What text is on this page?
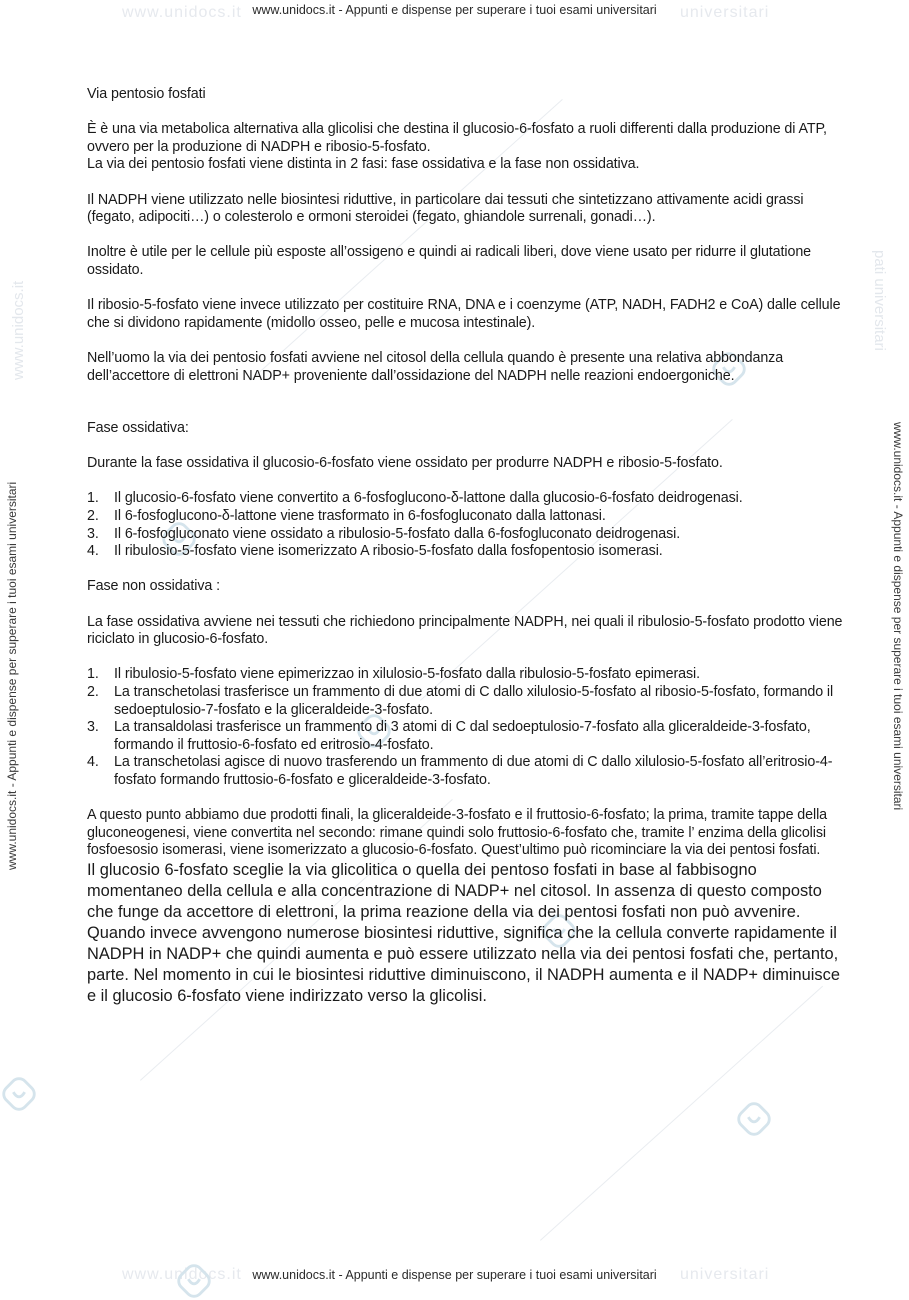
www.unidocs.it	universitari
www.unidocs.it	universitari
www.unidocs.it	pati universitari
www.unidocs.it - Appunti e dispense per superare i tuoi esami universitari
www.unidocs.it - Appunti e dispense per superare i tuoi esami universitari
www.unidocs.it - Appunti e dispense per superare i tuoi esami universitari	www.unidocs.it - Appunti e dispense per superare i tuoi esami universitari

Via pentosio fosfati

È è una via metabolica alternativa alla glicolisi che destina il glucosio-6-fosfato a ruoli differenti dalla produzione di ATP, ovvero per la produzione di NADPH e ribosio-5-fosfato.

La via dei pentosio fosfati viene distinta in 2 fasi: fase ossidativa e la fase non ossidativa.

Il NADPH viene utilizzato nelle biosintesi riduttive, in particolare dai tessuti che sintetizzano attivamente acidi grassi (fegato, adipociti…) o colesterolo e ormoni steroidei (fegato, ghiandole surrenali, gonadi…).

Inoltre è utile per le cellule più esposte all’ossigeno e quindi ai radicali liberi, dove viene usato per ridurre il glutatione ossidato.

Il ribosio-5-fosfato viene invece utilizzato per costituire RNA, DNA e i coenzyme (ATP, NADH, FADH2 e CoA) dalle cellule che si dividono rapidamente (midollo osseo, pelle e mucosa intestinale).

Nell’uomo la via dei pentosio fosfati avviene nel citosol della cellula quando è presente una relativa abbondanza dell’accettore di elettroni NADP+ proveniente dall’ossidazione del NADPH nelle reazioni endoergoniche.

Fase ossidativa:

Durante la fase ossidativa il glucosio-6-fosfato viene ossidato per produrre NADPH e ribosio-5-fosfato.

1. Il glucosio-6-fosfato viene convertito a 6-fosfoglucono-δ-lattone dalla glucosio-6-fosfato deidrogenasi.
2. Il 6-fosfoglucono-δ-lattone viene trasformato in 6-fosfogluconato dalla lattonasi.
3. Il 6-fosfogluconato viene ossidato a ribulosio-5-fosfato dalla 6-fosfogluconato deidrogenasi.
4. Il ribulosio-5-fosfato viene isomerizzato A ribosio-5-fosfato dalla fosfopentosio isomerasi.

Fase non ossidativa :

La fase ossidativa avviene nei tessuti che richiedono principalmente NADPH, nei quali il ribulosio-5-fosfato prodotto viene riciclato in glucosio-6-fosfato.

1. Il ribulosio-5-fosfato viene epimerizzao in xilulosio-5-fosfato dalla ribulosio-5-fosfato epimerasi.
2. La transchetolasi trasferisce un frammento di due atomi di C dallo xilulosio-5-fosfato al ribosio-5-fosfato, formando il sedoeptulosio-7-fosfato e la gliceraldeide-3-fosfato.
3. La transaldolasi trasferisce un frammento di 3 atomi di C dal sedoeptulosio-7-fosfato alla gliceraldeide-3-fosfato, formando il fruttosio-6-fosfato ed eritrosio-4-fosfato.
4. La transchetolasi agisce di nuovo trasferendo un frammento di due atomi di C dallo xilulosio-5-fosfato all’eritrosio-4-fosfato formando fruttosio-6-fosfato e gliceraldeide-3-fosfato.

A questo punto abbiamo due prodotti finali, la gliceraldeide-3-fosfato e il fruttosio-6-fosfato; la prima, tramite tappe della gluconeogenesi, viene convertita nel secondo: rimane quindi solo fruttosio-6-fosfato che, tramite l’ enzima della glicolisi fosfoesosio isomerasi, viene isomerizzato a glucosio-6-fosfato. Quest’ultimo può ricominciare la via dei pentosi fosfati.

Il glucosio 6-fosfato sceglie la via glicolitica o quella dei pentoso fosfati in base al fabbisogno momentaneo della cellula e alla concentrazione di NADP+ nel citosol. In assenza di questo composto che funge da accettore di elettroni, la prima reazione della via dei pentosi fosfati non può avvenire. Quando invece avvengono numerose biosintesi riduttive, significa che la cellula converte rapidamente il NADPH in NADP+ che quindi aumenta e può essere utilizzato nella via dei pentosi fosfati che, pertanto, parte. Nel momento in cui le biosintesi riduttive diminuiscono, il NADPH aumenta e il NADP+ diminuisce e il glucosio 6-fosfato viene indirizzato verso la glicolisi.
